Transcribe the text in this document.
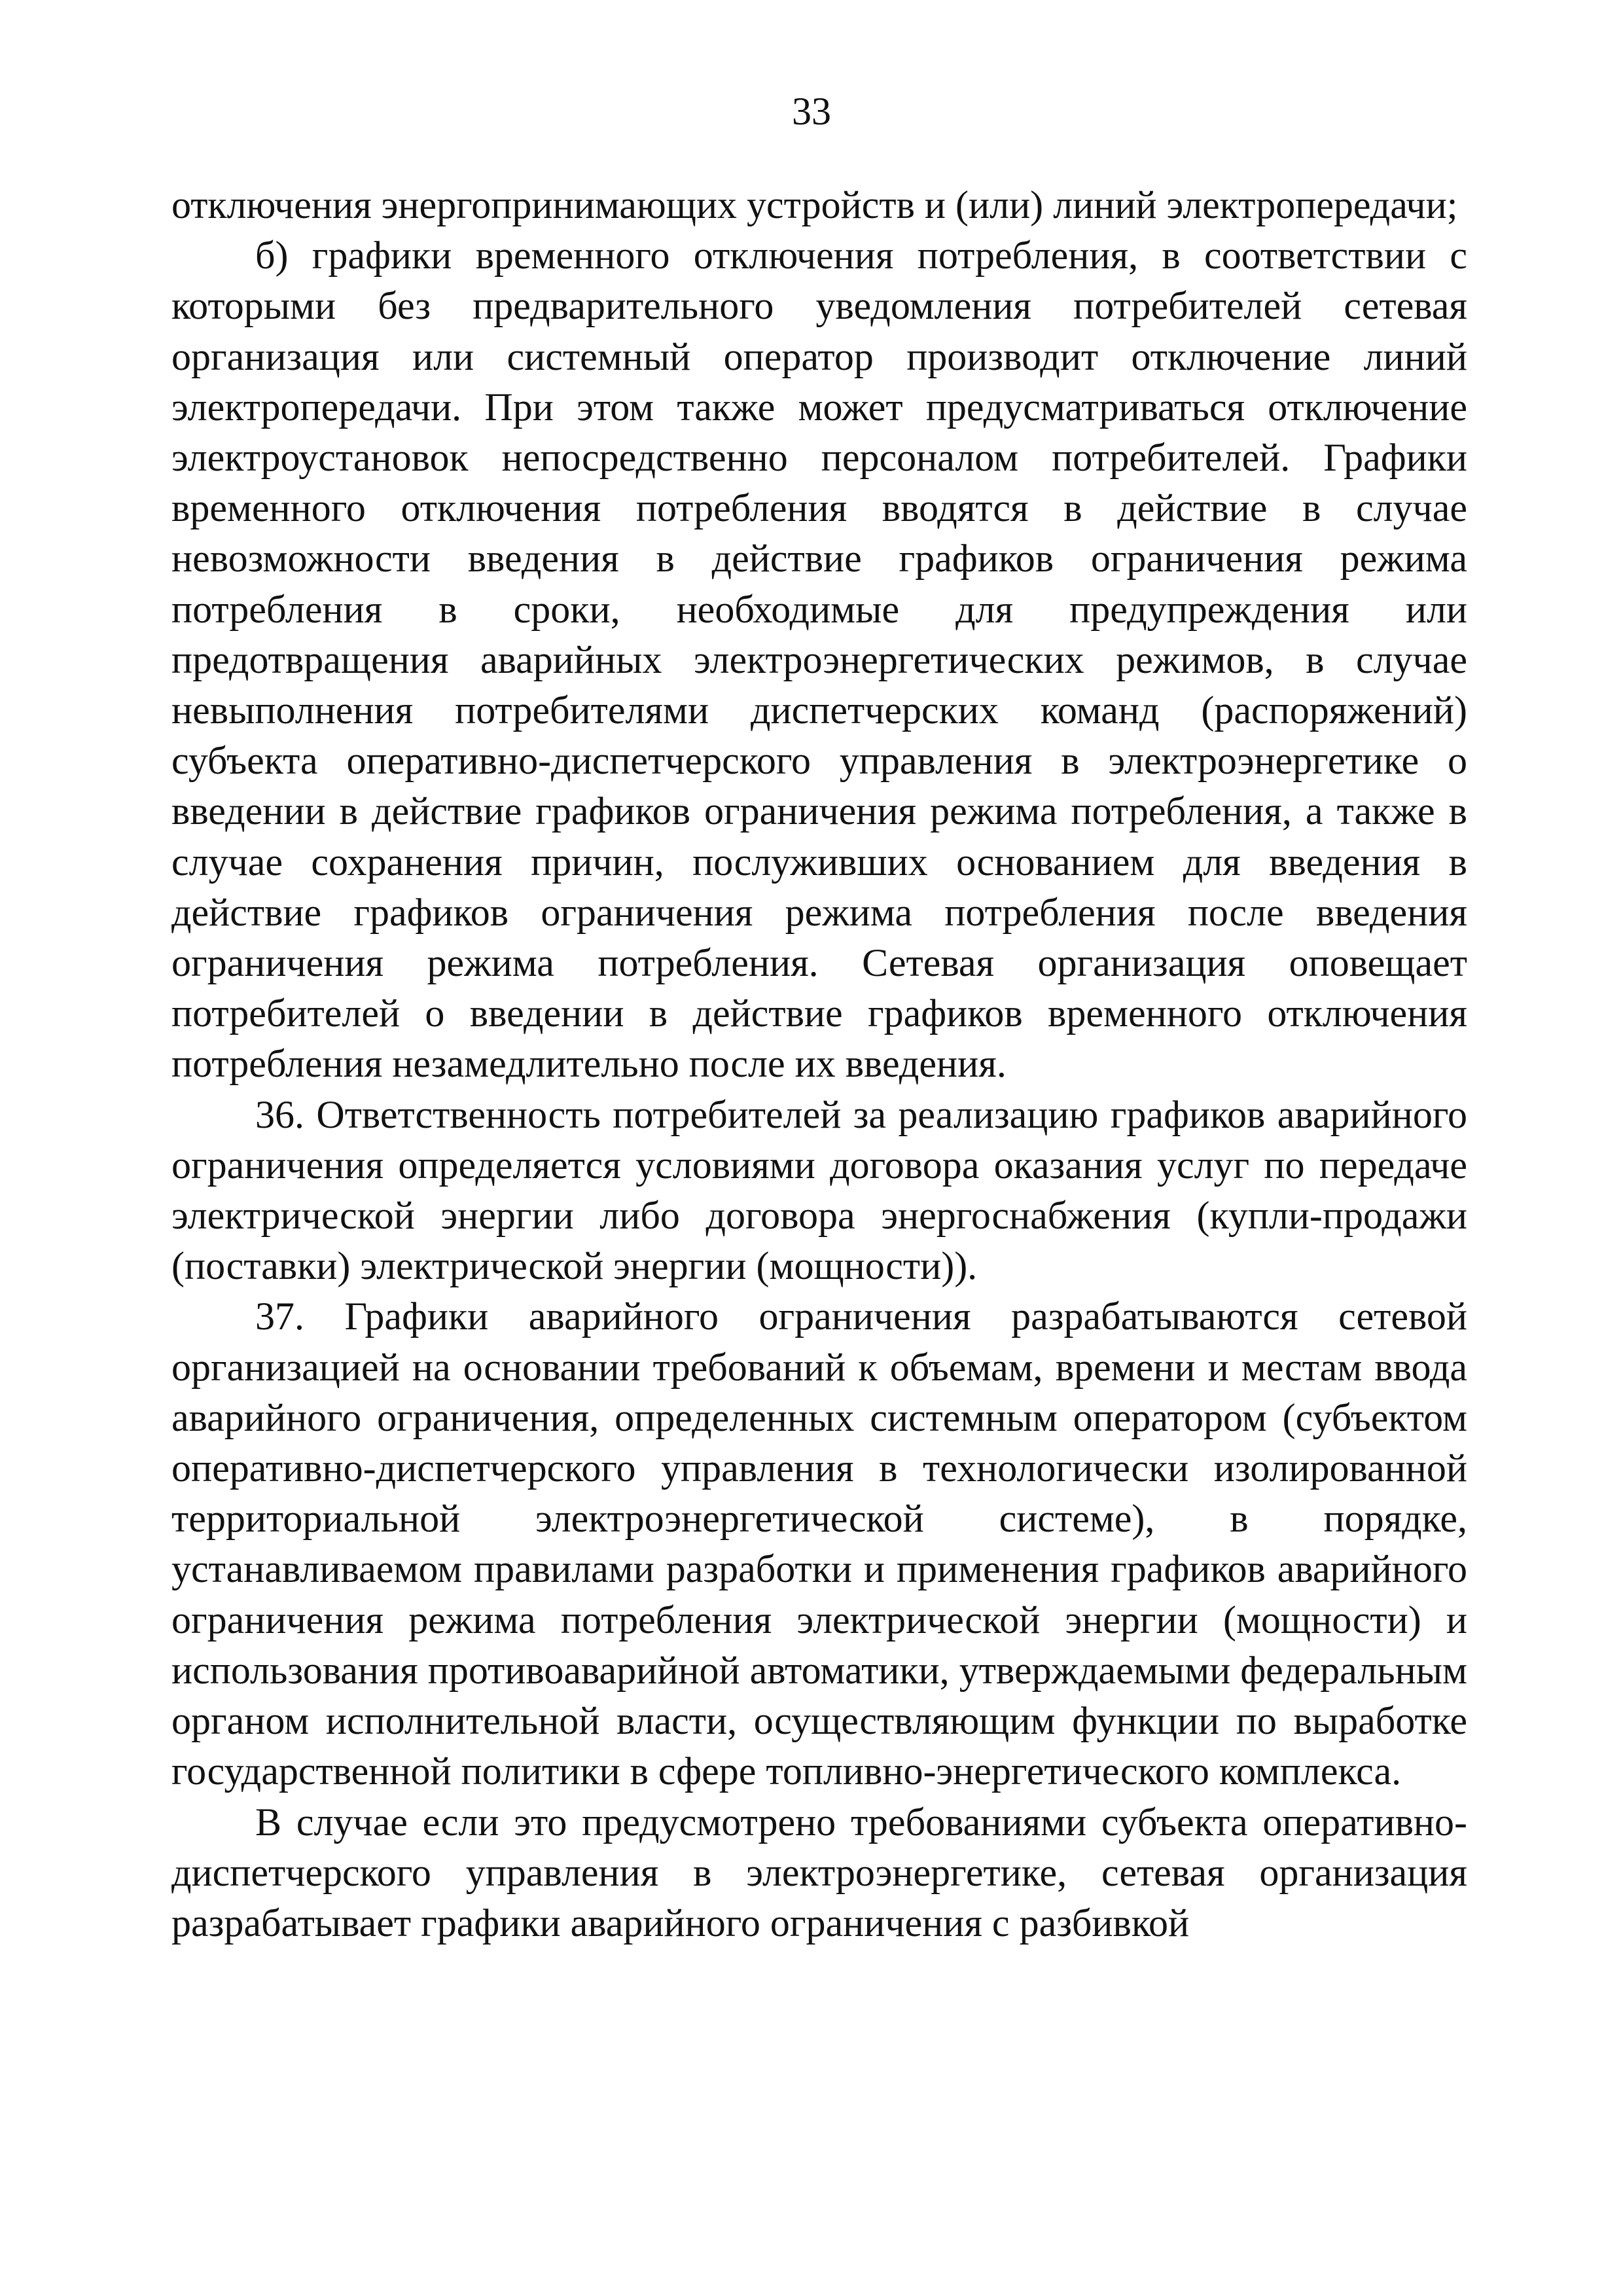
33

отключения энергопринимающих устройств и (или) линий электропередачи;

б) графики временного отключения потребления, в соответствии с которыми без предварительного уведомления потребителей сетевая организация или системный оператор производит отключение линий электропередачи. При этом также может предусматриваться отключение электроустановок непосредственно персоналом потребителей. Графики временного отключения потребления вводятся в действие в случае невозможности введения в действие графиков ограничения режима потребления в сроки, необходимые для предупреждения или предотвращения аварийных электроэнергетических режимов, в случае невыполнения потребителями диспетчерских команд (распоряжений) субъекта оперативно-диспетчерского управления в электроэнергетике о введении в действие графиков ограничения режима потребления, а также в случае сохранения причин, послуживших основанием для введения в действие графиков ограничения режима потребления после введения ограничения режима потребления. Сетевая организация оповещает потребителей о введении в действие графиков временного отключения потребления незамедлительно после их введения.

36. Ответственность потребителей за реализацию графиков аварийного ограничения определяется условиями договора оказания услуг по передаче электрической энергии либо договора энергоснабжения (купли-продажи (поставки) электрической энергии (мощности)).

37. Графики аварийного ограничения разрабатываются сетевой организацией на основании требований к объемам, времени и местам ввода аварийного ограничения, определенных системным оператором (субъектом оперативно-диспетчерского управления в технологически изолированной территориальной электроэнергетической системе), в порядке, устанавливаемом правилами разработки и применения графиков аварийного ограничения режима потребления электрической энергии (мощности) и использования противоаварийной автоматики, утверждаемыми федеральным органом исполнительной власти, осуществляющим функции по выработке государственной политики в сфере топливно-энергетического комплекса.

В случае если это предусмотрено требованиями субъекта оперативно-диспетчерского управления в электроэнергетике, сетевая организация разрабатывает графики аварийного ограничения с разбивкой
